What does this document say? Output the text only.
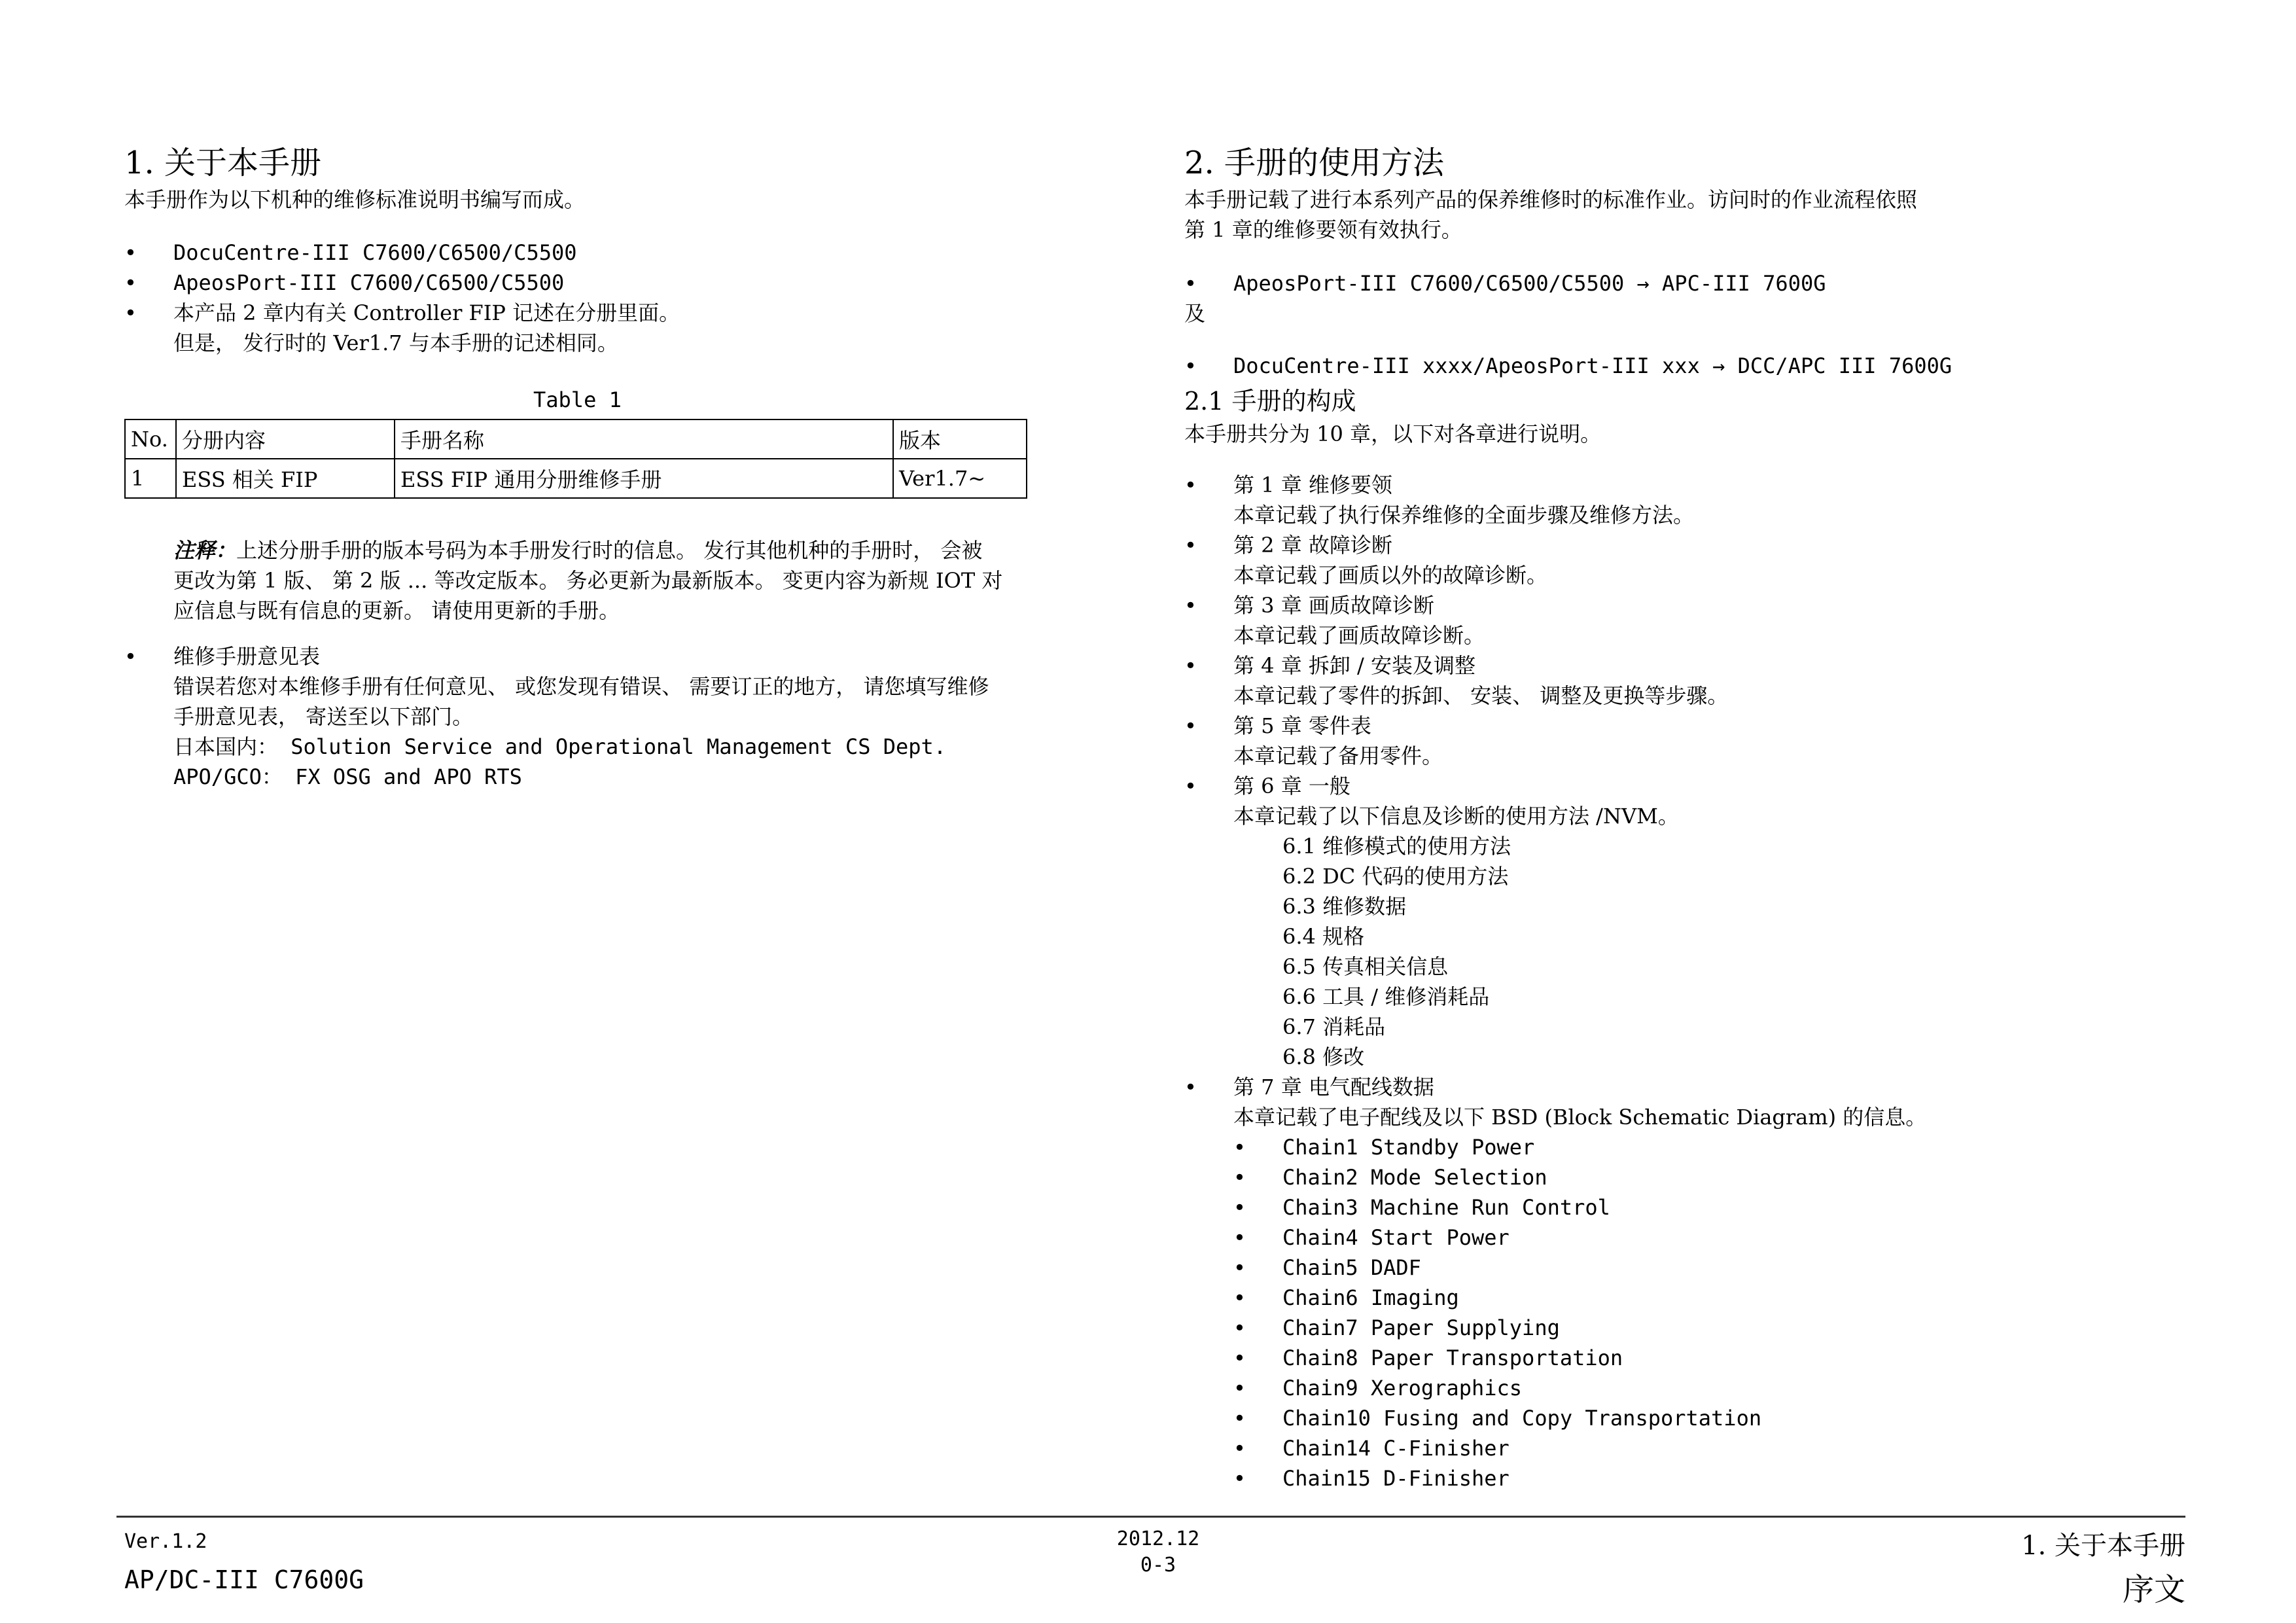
1. 关于本手册
本手册作为以下机种的维修标准说明书编写而成。
• DocuCentre-III C7600/C6500/C5500
• ApeosPort-III C7600/C6500/C5500
• 本产品 2 章内有关 Controller FIP 记述在分册里面。
但是， 发行时的 Ver1.7 与本手册的记述相同。
Table 1
No.	分册内容	手册名称	版本
1	ESS 相关 FIP	ESS FIP 通用分册维修手册	Ver1.7~
注释：上述分册手册的版本号码为本手册发行时的信息。 发行其他机种的手册时， 会被
更改为第 1 版、 第 2 版 ... 等改定版本。 务必更新为最新版本。 变更内容为新规 IOT 对
应信息与既有信息的更新。 请使用更新的手册。
• 维修手册意见表
错误若您对本维修手册有任何意见、 或您发现有错误、 需要订正的地方， 请您填写维修
手册意见表， 寄送至以下部门。
日本国内： Solution Service and Operational Management CS Dept.
APO/GCO： FX OSG and APO RTS
2. 手册的使用方法
本手册记载了进行本系列产品的保养维修时的标准作业。访问时的作业流程依照
第 1 章的维修要领有效执行。
• ApeosPort-III C7600/C6500/C5500 → APC-III 7600G
及
• DocuCentre-III xxxx/ApeosPort-III xxx → DCC/APC III 7600G
2.1 手册的构成
本手册共分为 10 章，以下对各章进行说明。
• 第 1 章 维修要领
本章记载了执行保养维修的全面步骤及维修方法。
• 第 2 章 故障诊断
本章记载了画质以外的故障诊断。
• 第 3 章 画质故障诊断
本章记载了画质故障诊断。
• 第 4 章 拆卸 / 安装及调整
本章记载了零件的拆卸、 安装、 调整及更换等步骤。
• 第 5 章 零件表
本章记载了备用零件。
• 第 6 章 一般
本章记载了以下信息及诊断的使用方法 /NVM。
6.1 维修模式的使用方法
6.2 DC 代码的使用方法
6.3 维修数据
6.4 规格
6.5 传真相关信息
6.6 工具 / 维修消耗品
6.7 消耗品
6.8 修改
• 第 7 章 电气配线数据
本章记载了电子配线及以下 BSD (Block Schematic Diagram) 的信息。
• Chain1 Standby Power
• Chain2 Mode Selection
• Chain3 Machine Run Control
• Chain4 Start Power
• Chain5 DADF
• Chain6 Imaging
• Chain7 Paper Supplying
• Chain8 Paper Transportation
• Chain9 Xerographics
• Chain10 Fusing and Copy Transportation
• Chain14 C-Finisher
• Chain15 D-Finisher
Ver.1.2
AP/DC-III C7600G
2012.12
0-3
1. 关于本手册
序文
